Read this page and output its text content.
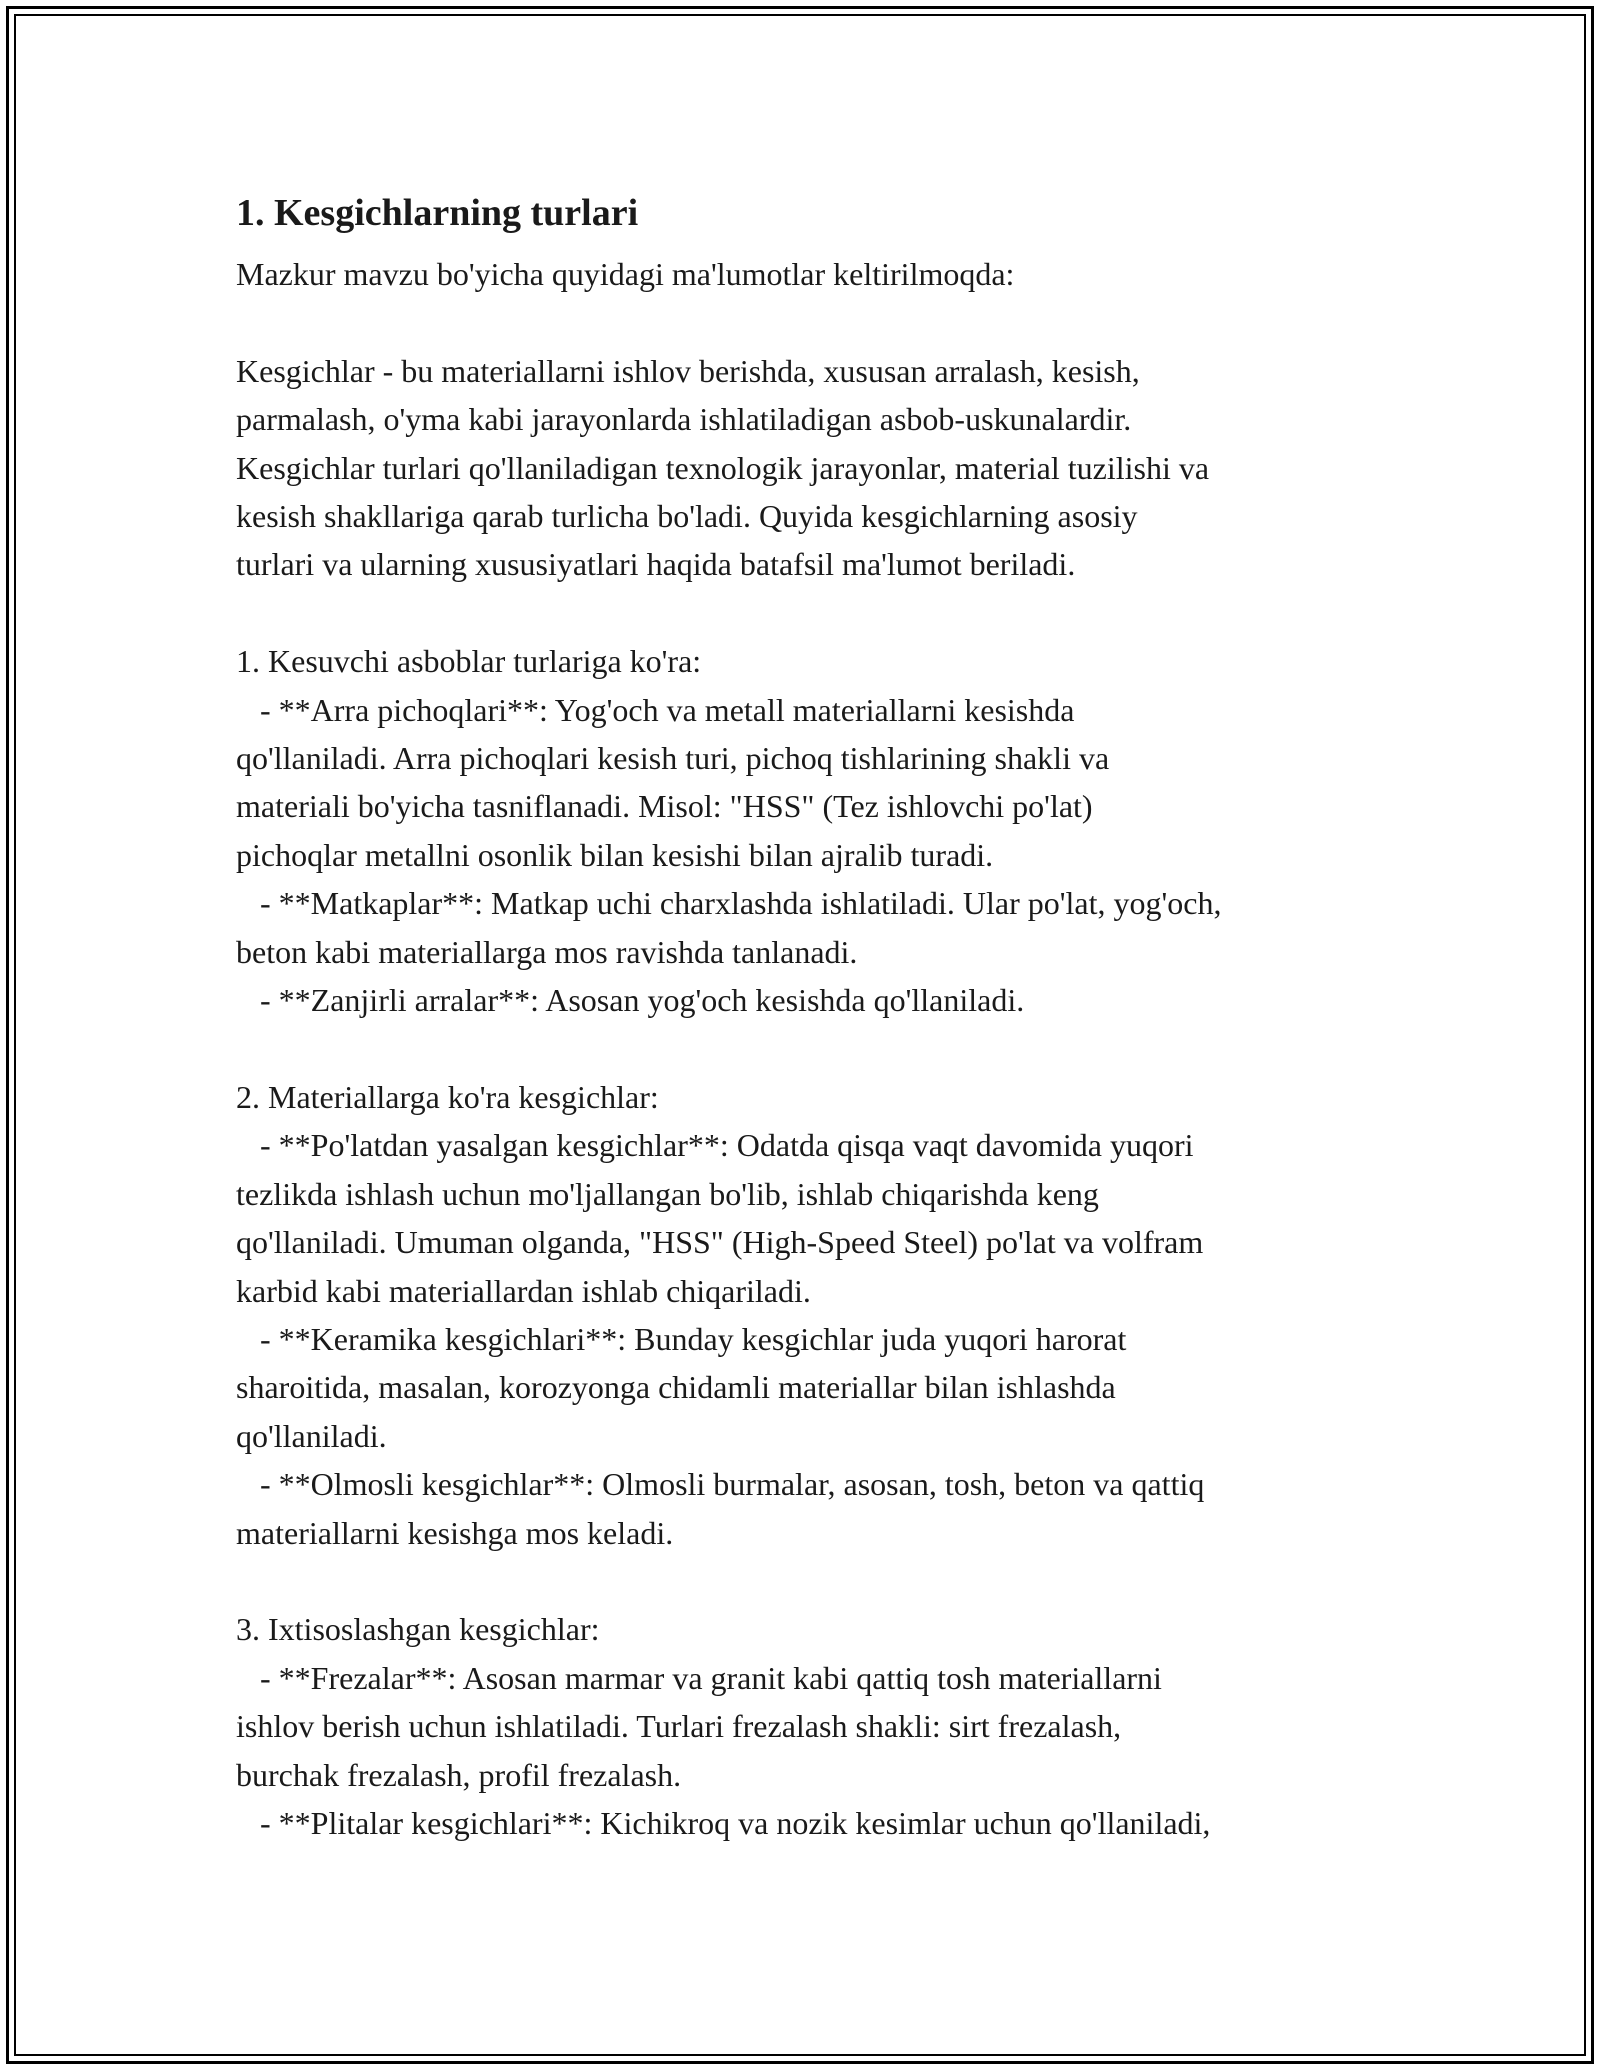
1. Kesgichlarning turlari

Mazkur mavzu bo'yicha quyidagi ma'lumotlar keltirilmoqda:

Kesgichlar - bu materiallarni ishlov berishda, xususan arralash, kesish,
parmalash, o'yma kabi jarayonlarda ishlatiladigan asbob-uskunalardir.
Kesgichlar turlari qo'llaniladigan texnologik jarayonlar, material tuzilishi va
kesish shakllariga qarab turlicha bo'ladi. Quyida kesgichlarning asosiy
turlari va ularning xususiyatlari haqida batafsil ma'lumot beriladi.

1. Kesuvchi asboblar turlariga ko'ra:
- **Arra pichoqlari**: Yog'och va metall materiallarni kesishda
qo'llaniladi. Arra pichoqlari kesish turi, pichoq tishlarining shakli va
materiali bo'yicha tasniflanadi. Misol: "HSS" (Tez ishlovchi po'lat)
pichoqlar metallni osonlik bilan kesishi bilan ajralib turadi.
- **Matkaplar**: Matkap uchi charxlashda ishlatiladi. Ular po'lat, yog'och,
beton kabi materiallarga mos ravishda tanlanadi.
- **Zanjirli arralar**: Asosan yog'och kesishda qo'llaniladi.

2. Materiallarga ko'ra kesgichlar:
- **Po'latdan yasalgan kesgichlar**: Odatda qisqa vaqt davomida yuqori
tezlikda ishlash uchun mo'ljallangan bo'lib, ishlab chiqarishda keng
qo'llaniladi. Umuman olganda, "HSS" (High-Speed Steel) po'lat va volfram
karbid kabi materiallardan ishlab chiqariladi.
- **Keramika kesgichlari**: Bunday kesgichlar juda yuqori harorat
sharoitida, masalan, korozyonga chidamli materiallar bilan ishlashda
qo'llaniladi.
- **Olmosli kesgichlar**: Olmosli burmalar, asosan, tosh, beton va qattiq
materiallarni kesishga mos keladi.

3. Ixtisoslashgan kesgichlar:
- **Frezalar**: Asosan marmar va granit kabi qattiq tosh materiallarni
ishlov berish uchun ishlatiladi. Turlari frezalash shakli: sirt frezalash,
burchak frezalash, profil frezalash.
- **Plitalar kesgichlari**: Kichikroq va nozik kesimlar uchun qo'llaniladi,
